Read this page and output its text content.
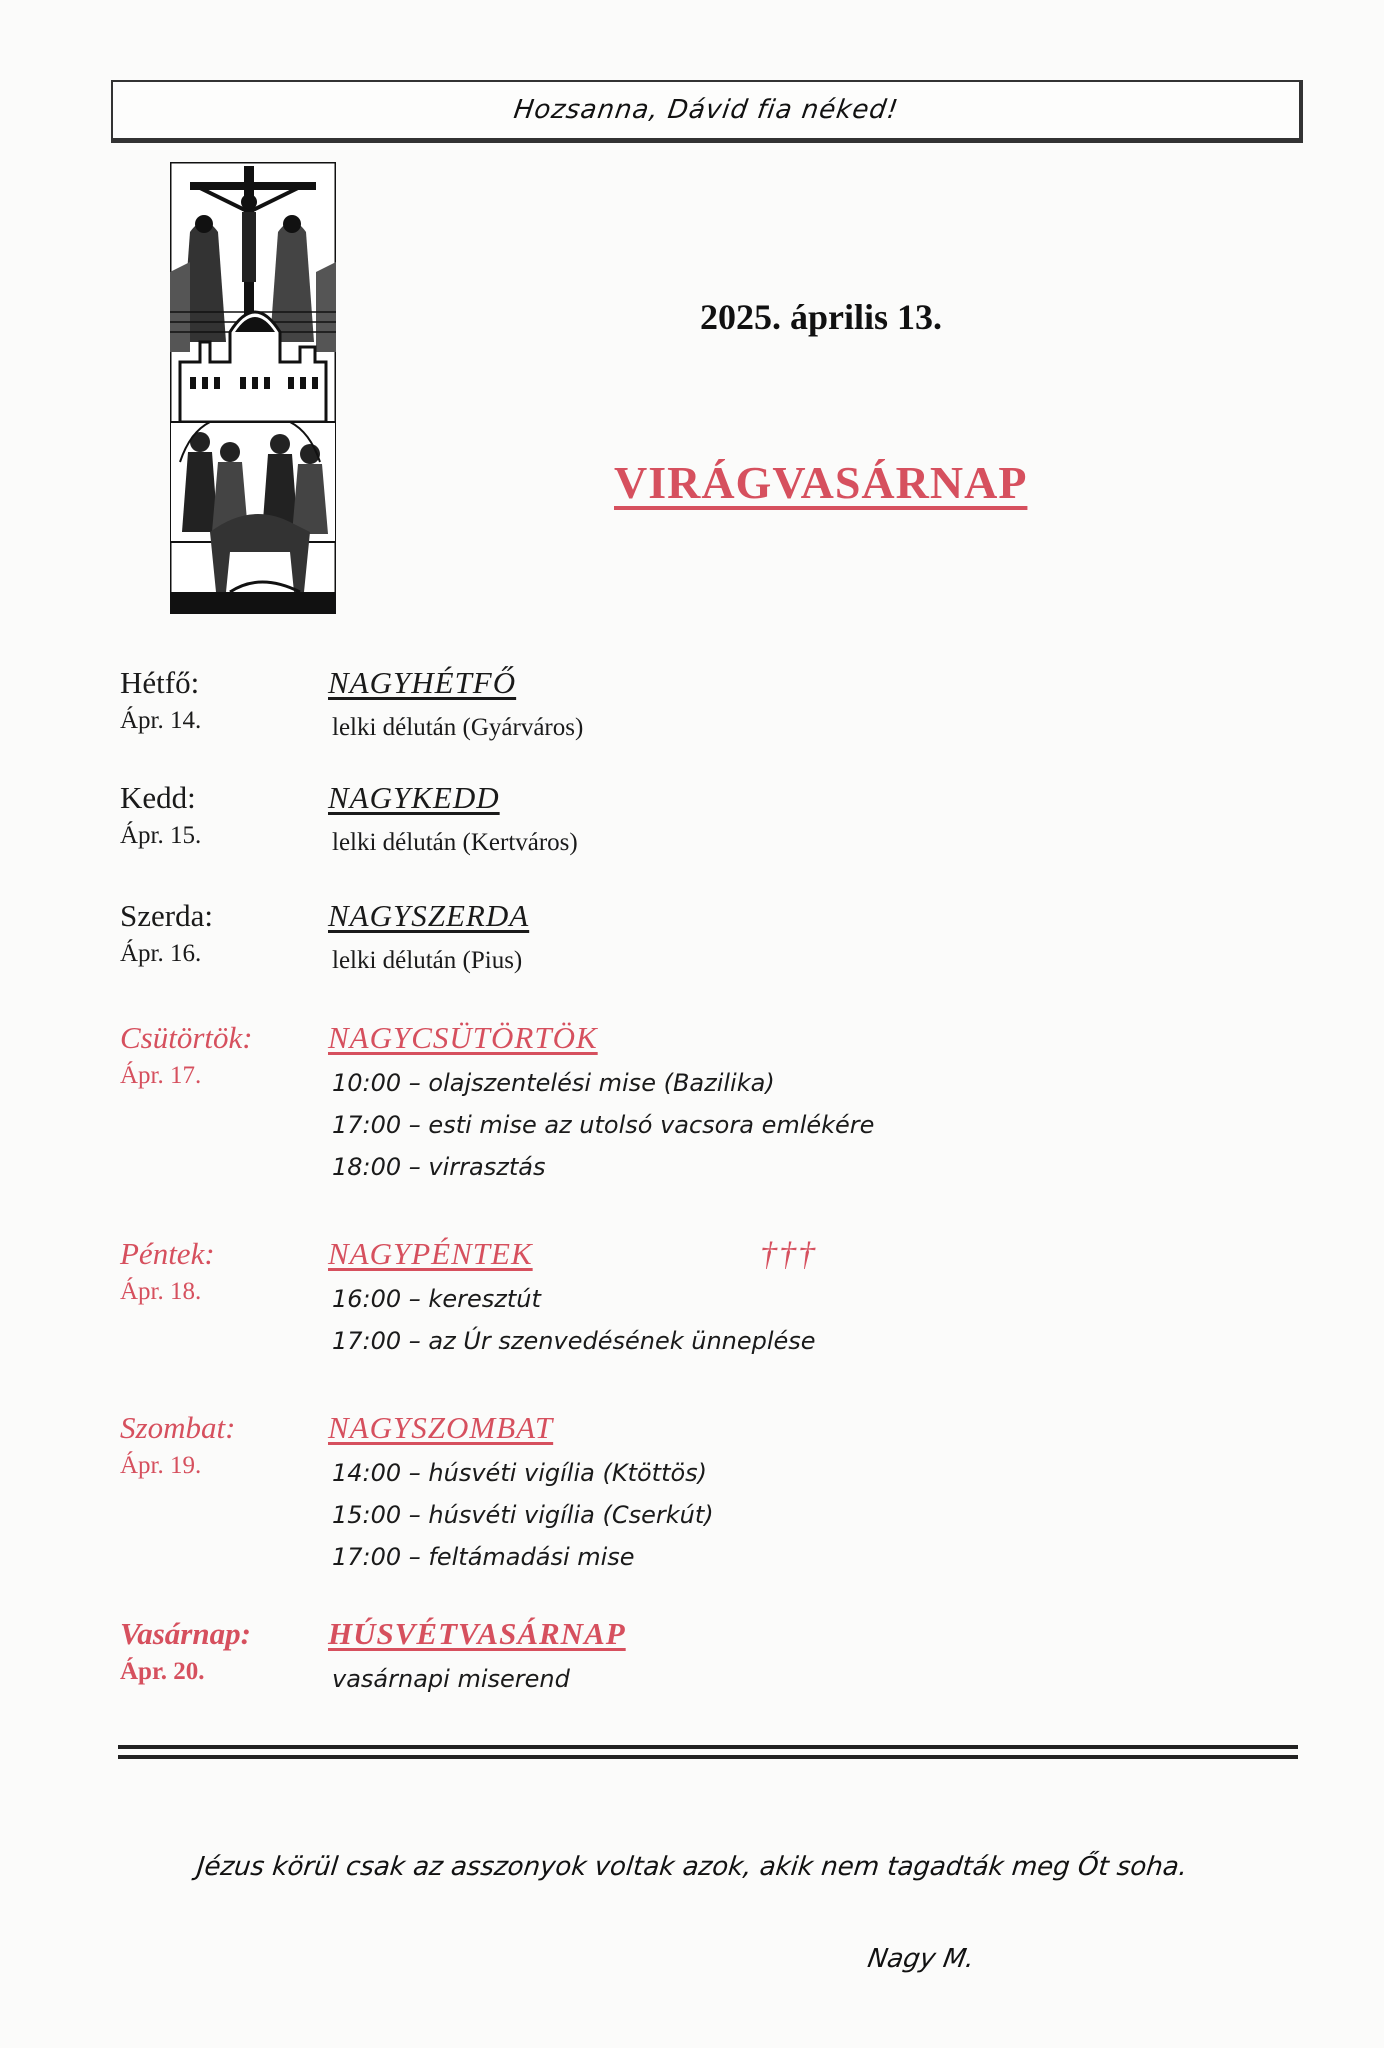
Hozsanna, Dávid fia néked!
2025. április 13.
VIRÁGVASÁRNAP
Hétfő:
Ápr. 14.
NAGYHÉTFŐ
lelki délután (Gyárváros)
Kedd:
Ápr. 15.
NAGYKEDD
lelki délután (Kertváros)
Szerda:
Ápr. 16.
NAGYSZERDA
lelki délután (Pius)
Csütörtök:
Ápr. 17.
NAGYCSÜTÖRTÖK
10:00 – olajszentelési mise (Bazilika)
17:00 – esti mise az utolsó vacsora emlékére
18:00 – virrasztás
Péntek:
Ápr. 18.
NAGYPÉNTEK	†††
16:00 – keresztút
17:00 – az Úr szenvedésének ünneplése
Szombat:
Ápr. 19.
NAGYSZOMBAT
14:00 – húsvéti vigília (Ktöttös)
15:00 – húsvéti vigília (Cserkút)
17:00 – feltámadási mise
Vasárnap:
Ápr. 20.
HÚSVÉTVASÁRNAP
vasárnapi miserend
Jézus körül csak az asszonyok voltak azok, akik nem tagadták meg Őt soha.
Nagy M.
